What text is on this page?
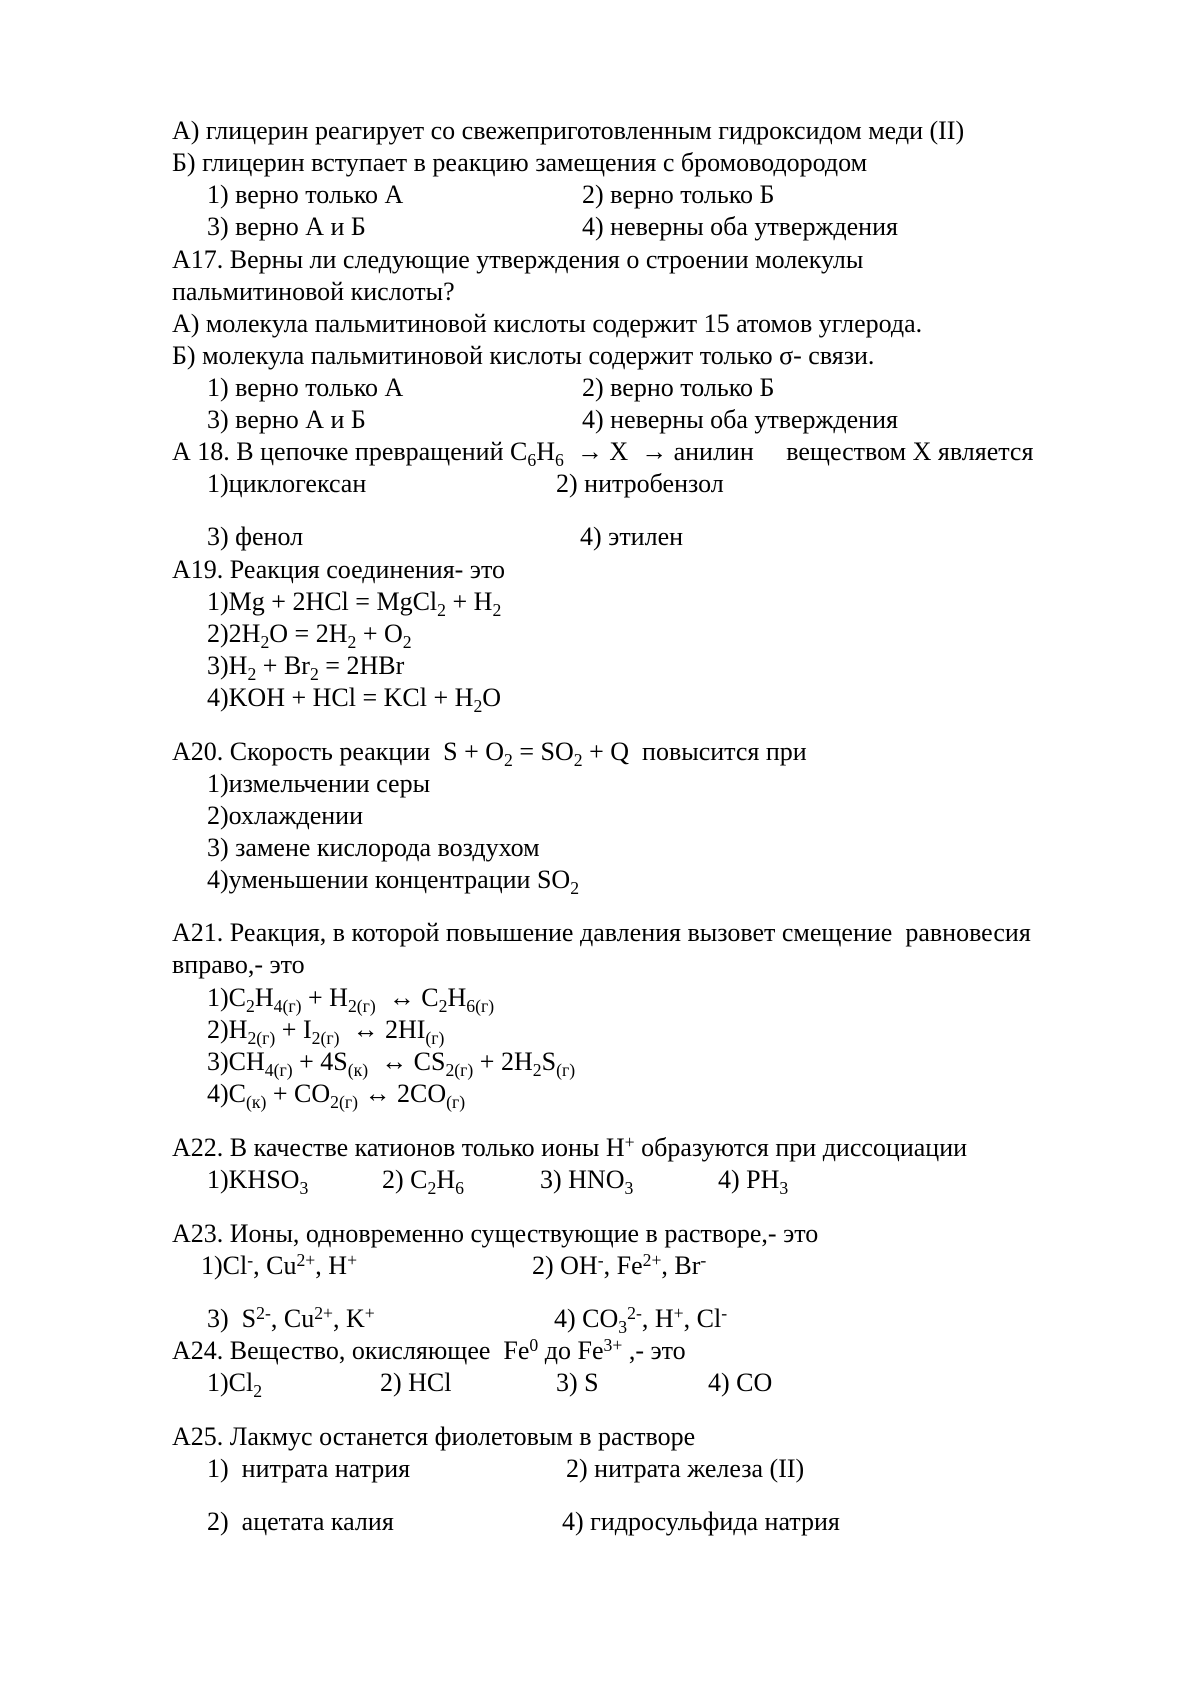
А) глицерин реагирует со свежеприготовленным гидроксидом меди (II)
Б) глицерин вступает в реакцию замещения с бромоводородом
1) верно только А	2) верно только Б
3) верно А и Б	4) неверны оба утверждения
А17. Верны ли следующие утверждения о строении молекулы
пальмитиновой кислоты?
А) молекула пальмитиновой кислоты содержит 15 атомов углерода.
Б) молекула пальмитиновой кислоты содержит только σ- связи.
1) верно только А	2) верно только Б
3) верно А и Б	4) неверны оба утверждения
А 18. В цепочке превращений $C_6H_6 \to X$  → анилин     веществом X является
1)циклогексан	2) нитробензол
3) фенол	4) этилен
А19. Реакция соединения- это
1)Mg + 2HCl = MgCl$_2$ + $H_2$
$2)2H_2O = 2H_2 + O_2$
$3)H_2 + Br_2 = 2HBr$
4)KOH + HCl = KCl + $H_2O$
А20. Скорость реакции  $S + O_2 = SO_2 + Q$  повысится при
1)измельчении серы
2)охлаждении
3) замене кислорода воздухом
4)уменьшении концентрации $SO_2$
А21. Реакция, в которой повышение давления вызовет смещение  равновесия
вправо,- это
$1)C_2H_{4(г)} + H_{2(г)}$  ↔ $C_2H_{6(г)}$
$2)H_{2(г)} + I_{2(г)}$  ↔ $2HI_{(г)}$
$3)CH_{4(г)} + 4S_{(к)}$  ↔ $CS_{2(г)} + 2H_2S_{(г)}$
$4)C_{(к)} + CO_{2(г)}$ ↔ $2CO_{(г)}$
А22. В качестве катионов только ионы H+ образуются при диссоциации
$1)KHSO_3$	2) $C_2H_6$	3) $HNO_3$	4) $PH_3$
А23. Ионы, одновременно существующие в растворе,- это
1)Cl-, $Cu^{2+}$, H+	2) OH-, $Fe^{2+}$, Br-
3)  $S^{2-}$, $Cu^{2+}$, K+	4) $CO_3^{2-}$, H+, Cl-
А24. Вещество, окисляющее  Fe$^0$ до $Fe^{3+}$ ,- это
$1)Cl_2$	2) HCl	3) S	4) CO
А25. Лакмус останется фиолетовым в растворе
1)  нитрата натрия	2) нитрата железа (II)
2)  ацетата калия	4) гидросульфида натрия
